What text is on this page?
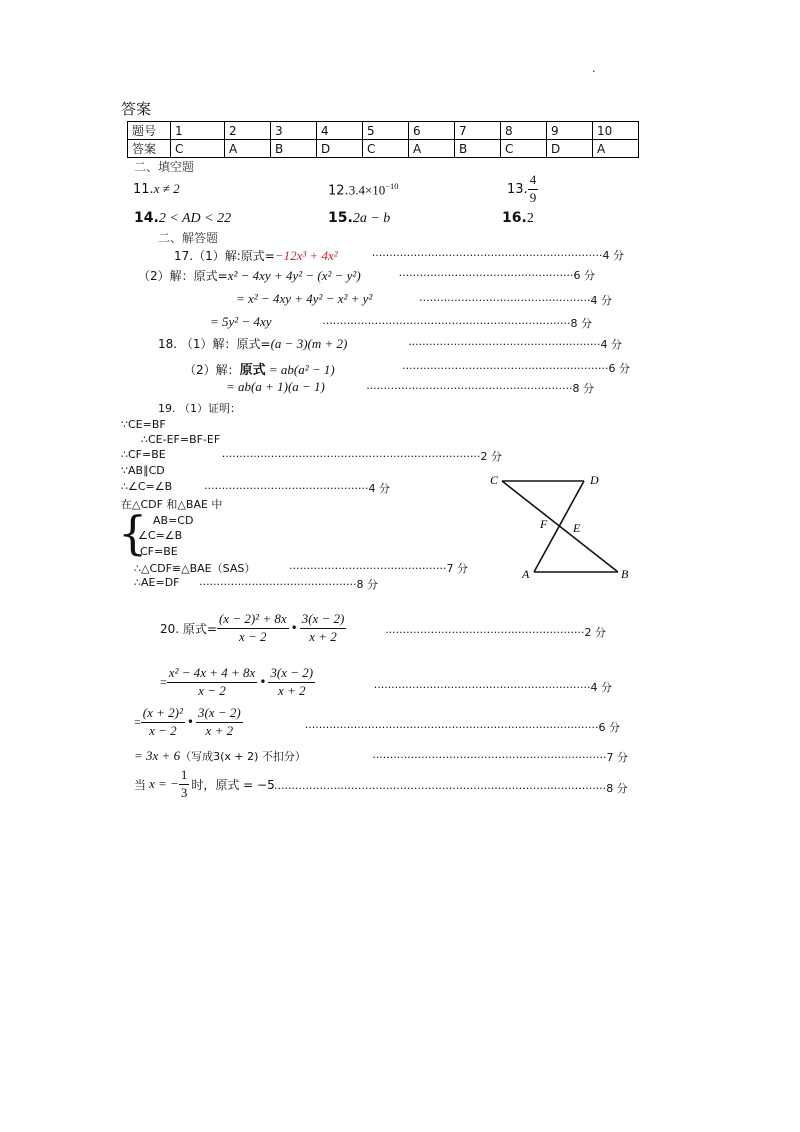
.
答案
题号	1	2	3	4	5	6	7	8	9	10
答案	C	A	B	D	C	A	B	C	D	A
二、填空题
11.x ≠ 2	$12.3.4\times 10^{-10}$	13. $\frac{4}{9}$
14.2 < AD < 22	15.2a − b	16.2
二、解答题
17.（1）解:原式=−12x³ + 4x²	··································································4 分
（2）解：原式=x² − 4xy + 4y² − (x² − y²)	··················································6 分
= x² − 4xy + 4y² − x² + y²	·················································4 分
= 5y² − 4xy	·······································································8 分
18. （1）解：原式=(a − 3)(m + 2)	·······················································4 分
（2）解：原式 = ab(a² − 1)	···························································6 分
= ab(a + 1)(a − 1)	···························································8 分
19. （1）证明：
∵CE=BF
∴CE-EF=BF-EF
∴CF=BE	··········································································2 分
∵AB∥CD
∴∠C=∠B	···············································4 分
在△CDF 和△BAE 中
{ AB=CD
∠C=∠B
CF=BE
∴△CDF≌△BAE（SAS）	·············································7 分
∴AE=DF	·············································8 分
C	D
F E
A	B
20. 原式= $\frac{\text{(x − 2)² + 8x}}{x - 2}$ • $\frac{3(x - 2)}{x + 2}$	·························································2 分
= $\frac{\text{x² − 4x + 4 + 8x}}{x - 2}$ • $\frac{3(x - 2)}{x + 2}$	······························································4 分
= $\frac{\text{(x + 2)²}}{x - 2}$ • $\frac{3(x - 2)}{x + 2}$	····················································································6 分
= 3x + 6（写成3(x + 2) 不扣分）	···································································7 分
当 x = − $\frac{1}{3}$ 时，原式 = −5 ·······························································································8 分
